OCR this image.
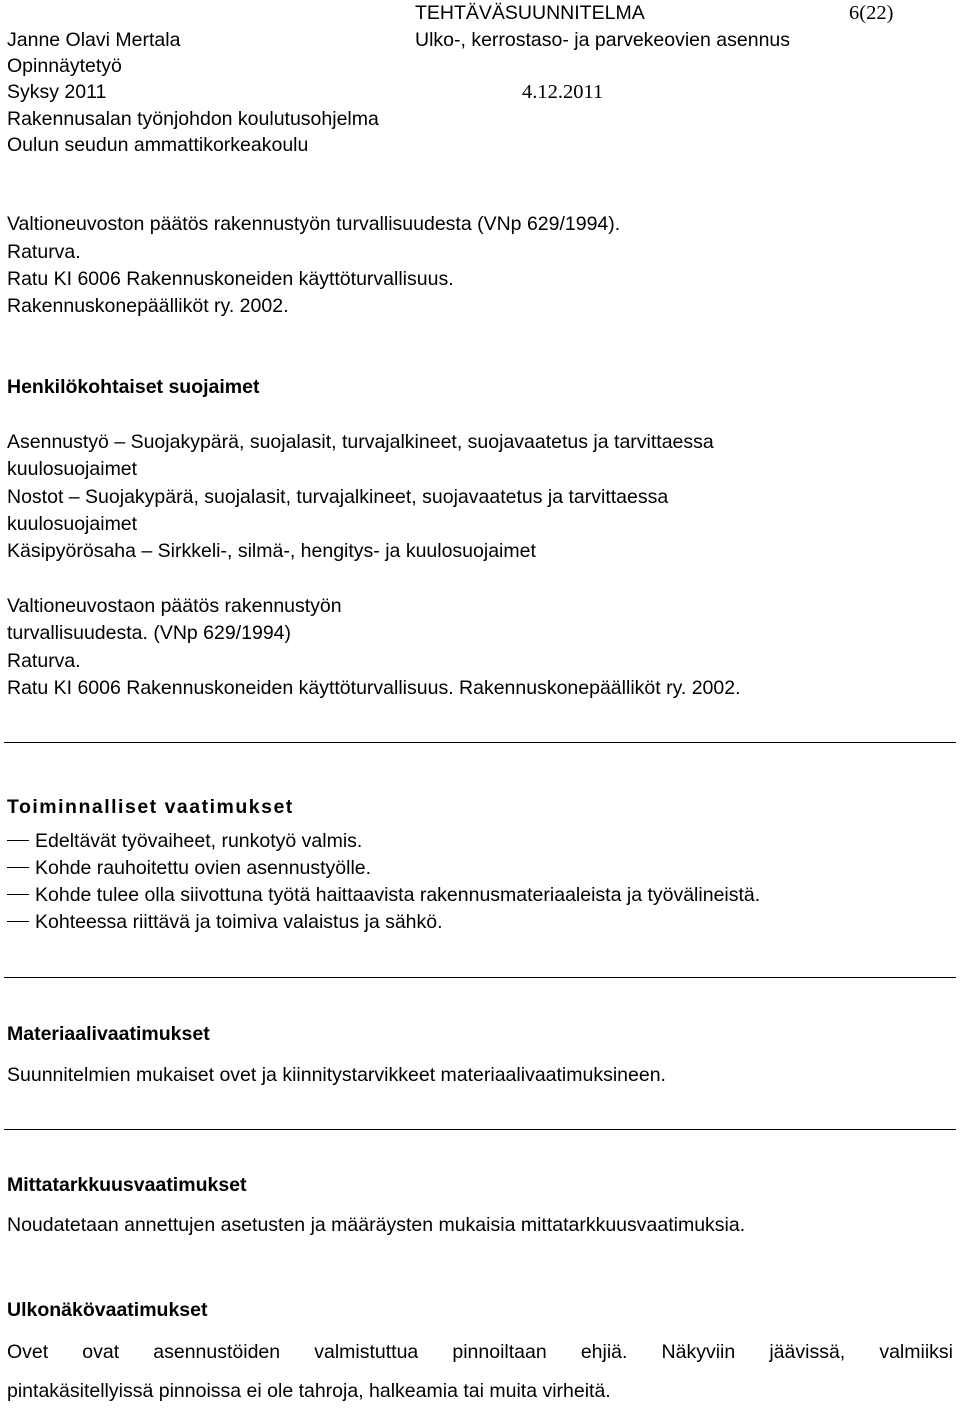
TEHTÄVÄSUUNNITELMA	6(22)
Janne Olavi Mertala	Ulko-, kerrostaso- ja parvekeovien asennus
Opinnäytetyö
Syksy 2011	4.12.2011
Rakennusalan työnjohdon koulutusohjelma
Oulun seudun ammattikorkeakoulu
Valtioneuvoston päätös rakennustyön turvallisuudesta (VNp 629/1994).
Raturva.
Ratu KI 6006 Rakennuskoneiden käyttöturvallisuus.
Rakennuskonepäälliköt ry. 2002.
Henkilökohtaiset suojaimet
Asennustyö – Suojakypärä, suojalasit, turvajalkineet, suojavaatetus ja tarvittaessa
kuulosuojaimet
Nostot – Suojakypärä, suojalasit, turvajalkineet, suojavaatetus ja tarvittaessa
kuulosuojaimet
Käsipyörösaha – Sirkkeli-, silmä-, hengitys- ja kuulosuojaimet
Valtioneuvostaon päätös rakennustyön
turvallisuudesta. (VNp 629/1994)
Raturva.
Ratu KI 6006 Rakennuskoneiden käyttöturvallisuus. Rakennuskonepäälliköt ry. 2002.
Toiminnalliset vaatimukset
Edeltävät työvaiheet, runkotyö valmis.
Kohde rauhoitettu ovien asennustyölle.
Kohde tulee olla siivottuna työtä haittaavista rakennusmateriaaleista ja työvälineistä.
Kohteessa riittävä ja toimiva valaistus ja sähkö.
Materiaalivaatimukset
Suunnitelmien mukaiset ovet ja kiinnitystarvikkeet materiaalivaatimuksineen.
Mittatarkkuusvaatimukset
Noudatetaan annettujen asetusten ja määräysten mukaisia mittatarkkuusvaatimuksia.
Ulkonäkövaatimukset
Ovet ovat asennustöiden valmistuttua pinnoiltaan ehjiä. Näkyviin jäävissä, valmiiksi
pintakäsitellyissä pinnoissa ei ole tahroja, halkeamia tai muita virheitä.
